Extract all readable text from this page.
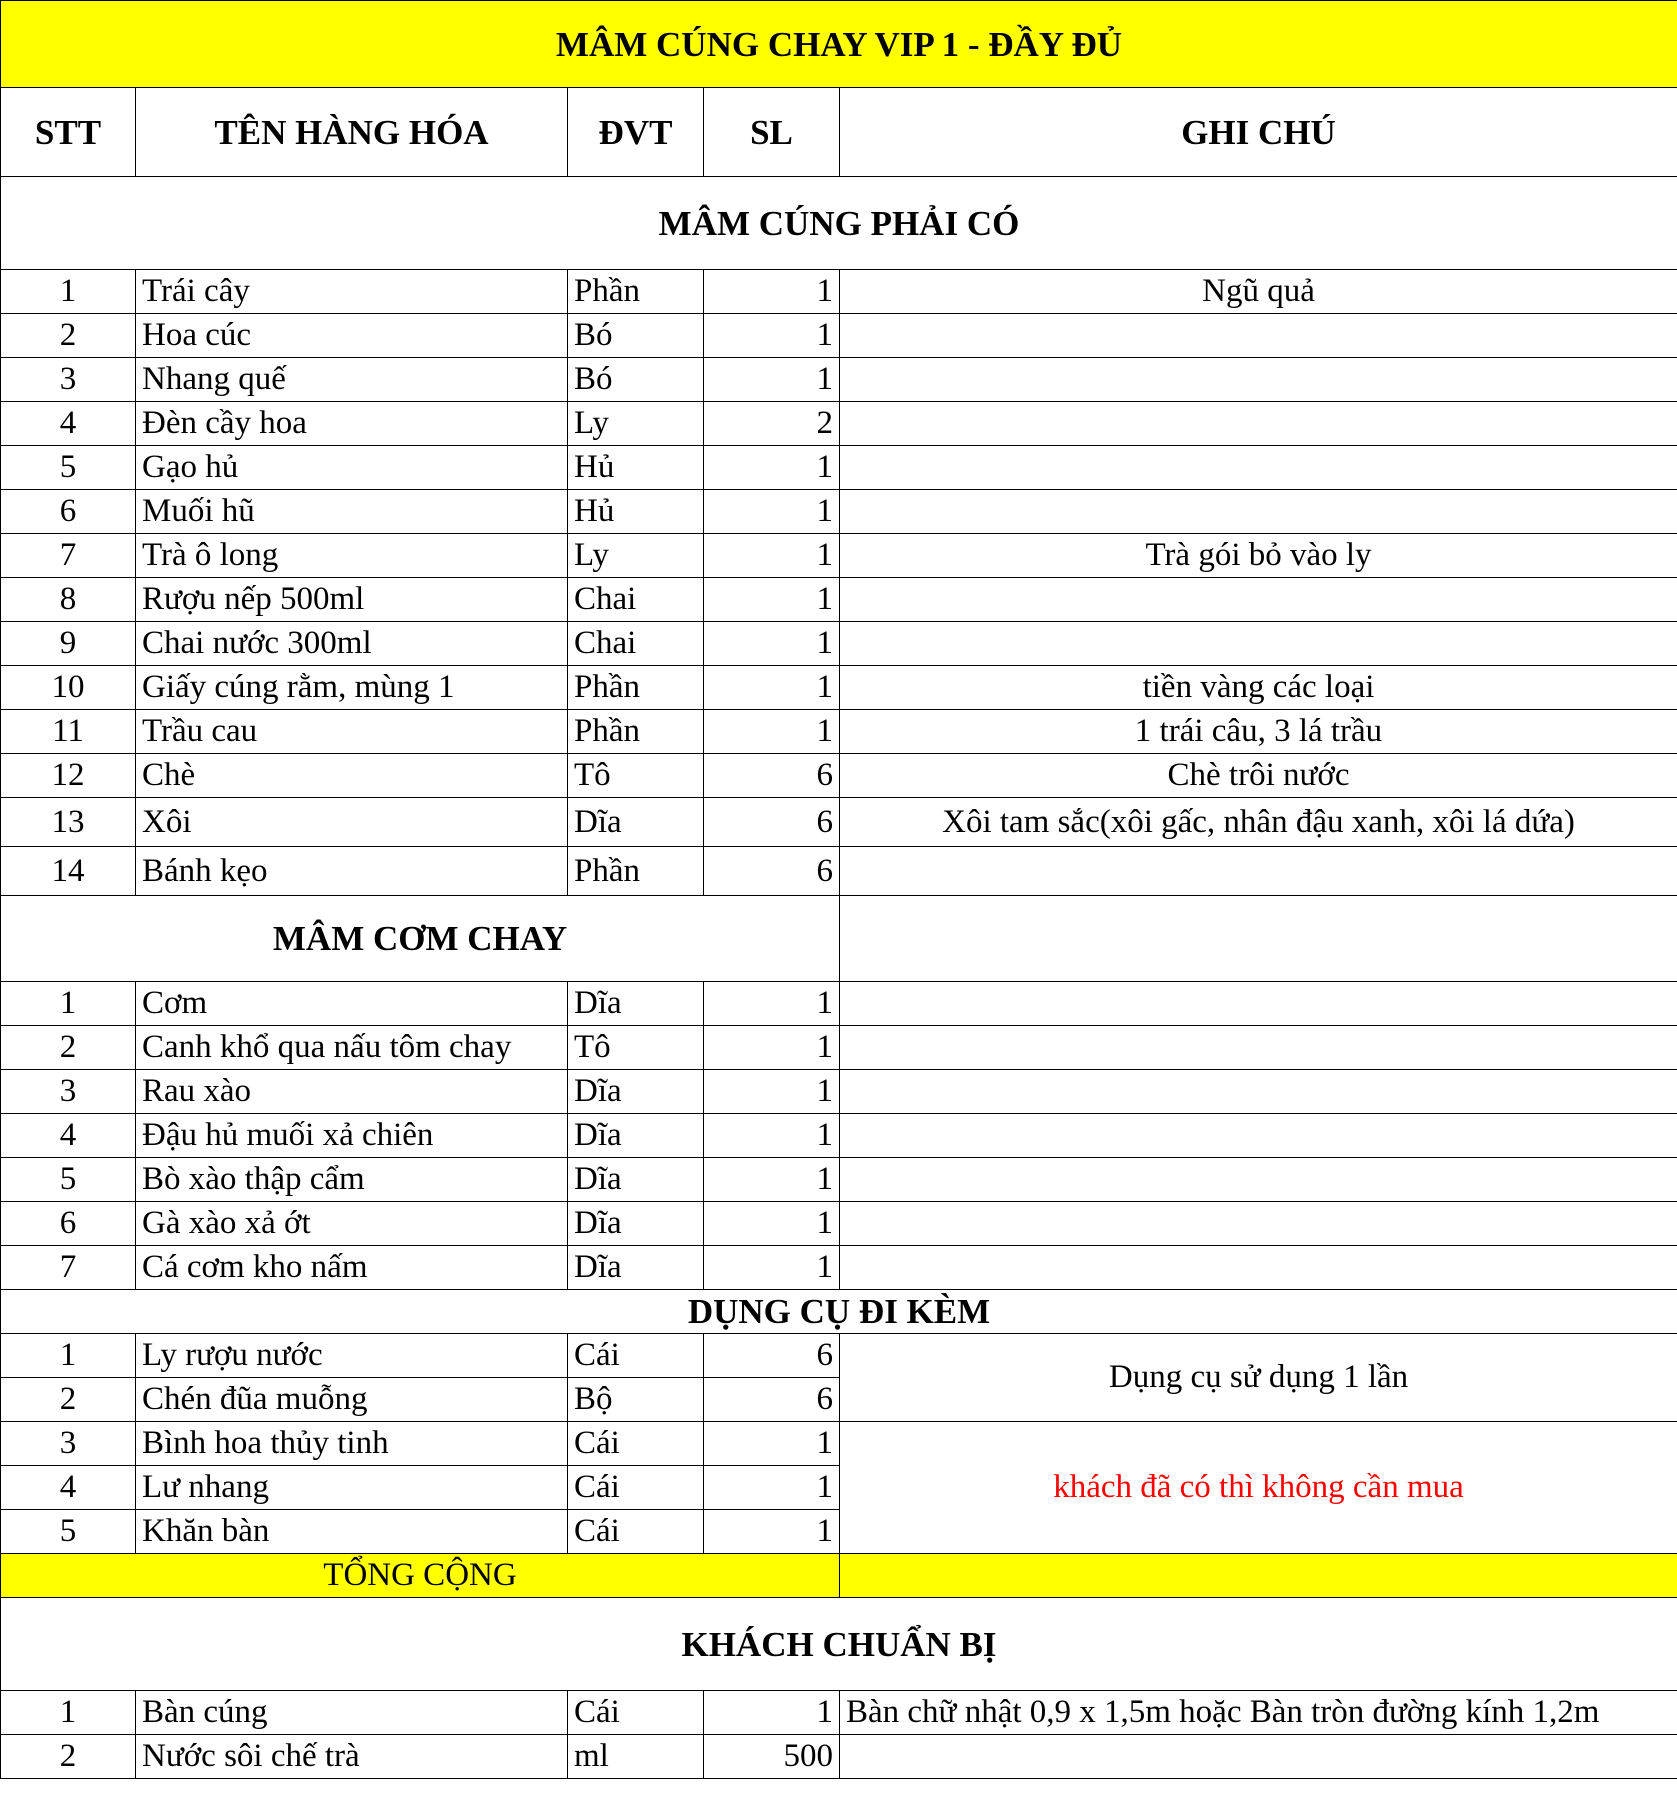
MÂM CÚNG CHAY VIP 1 - ĐẦY ĐỦ				
STT	TÊN HÀNG HÓA	ĐVT	SL	GHI CHÚ
MÂM CÚNG PHẢI CÓ				
1	Trái cây	Phần	1	Ngũ quả
2	Hoa cúc	Bó	1	
3	Nhang quế	Bó	1	
4	Đèn cầy hoa	Ly	2	
5	Gạo hủ	Hủ	1	
6	Muối hũ	Hủ	1	
7	Trà ô long	Ly	1	Trà gói bỏ vào ly
8	Rượu nếp 500ml	Chai	1	
9	Chai nước 300ml	Chai	1	
10	Giấy cúng rằm, mùng 1	Phần	1	tiền vàng các loại
11	Trầu cau	Phần	1	1 trái câu, 3 lá trầu
12	Chè	Tô	6	Chè trôi nước
13	Xôi	Dĩa	6	Xôi tam sắc(xôi gấc, nhân đậu xanh, xôi lá dứa)
14	Bánh kẹo	Phần	6	
MÂM CƠM CHAY				
1	Cơm	Dĩa	1	
2	Canh khổ qua nấu tôm chay	Tô	1	
3	Rau xào	Dĩa	1	
4	Đậu hủ muối xả chiên	Dĩa	1	
5	Bò xào thập cẩm	Dĩa	1	
6	Gà xào xả ớt	Dĩa	1	
7	Cá cơm kho nấm	Dĩa	1	
DỤNG CỤ ĐI KÈM				
1	Ly rượu nước	Cái	6	Dụng cụ sử dụng 1 lần
2	Chén đũa muỗng	Bộ	6	
3	Bình hoa thủy tinh	Cái	1	khách đã có thì không cần mua
4	Lư nhang	Cái	1	
5	Khăn bàn	Cái	1	
TỔNG CỘNG				
KHÁCH CHUẨN BỊ				
1	Bàn cúng	Cái	1	Bàn chữ nhật 0,9 x 1,5m hoặc Bàn tròn đường kính 1,2m
2	Nước sôi chế trà	ml	500	
